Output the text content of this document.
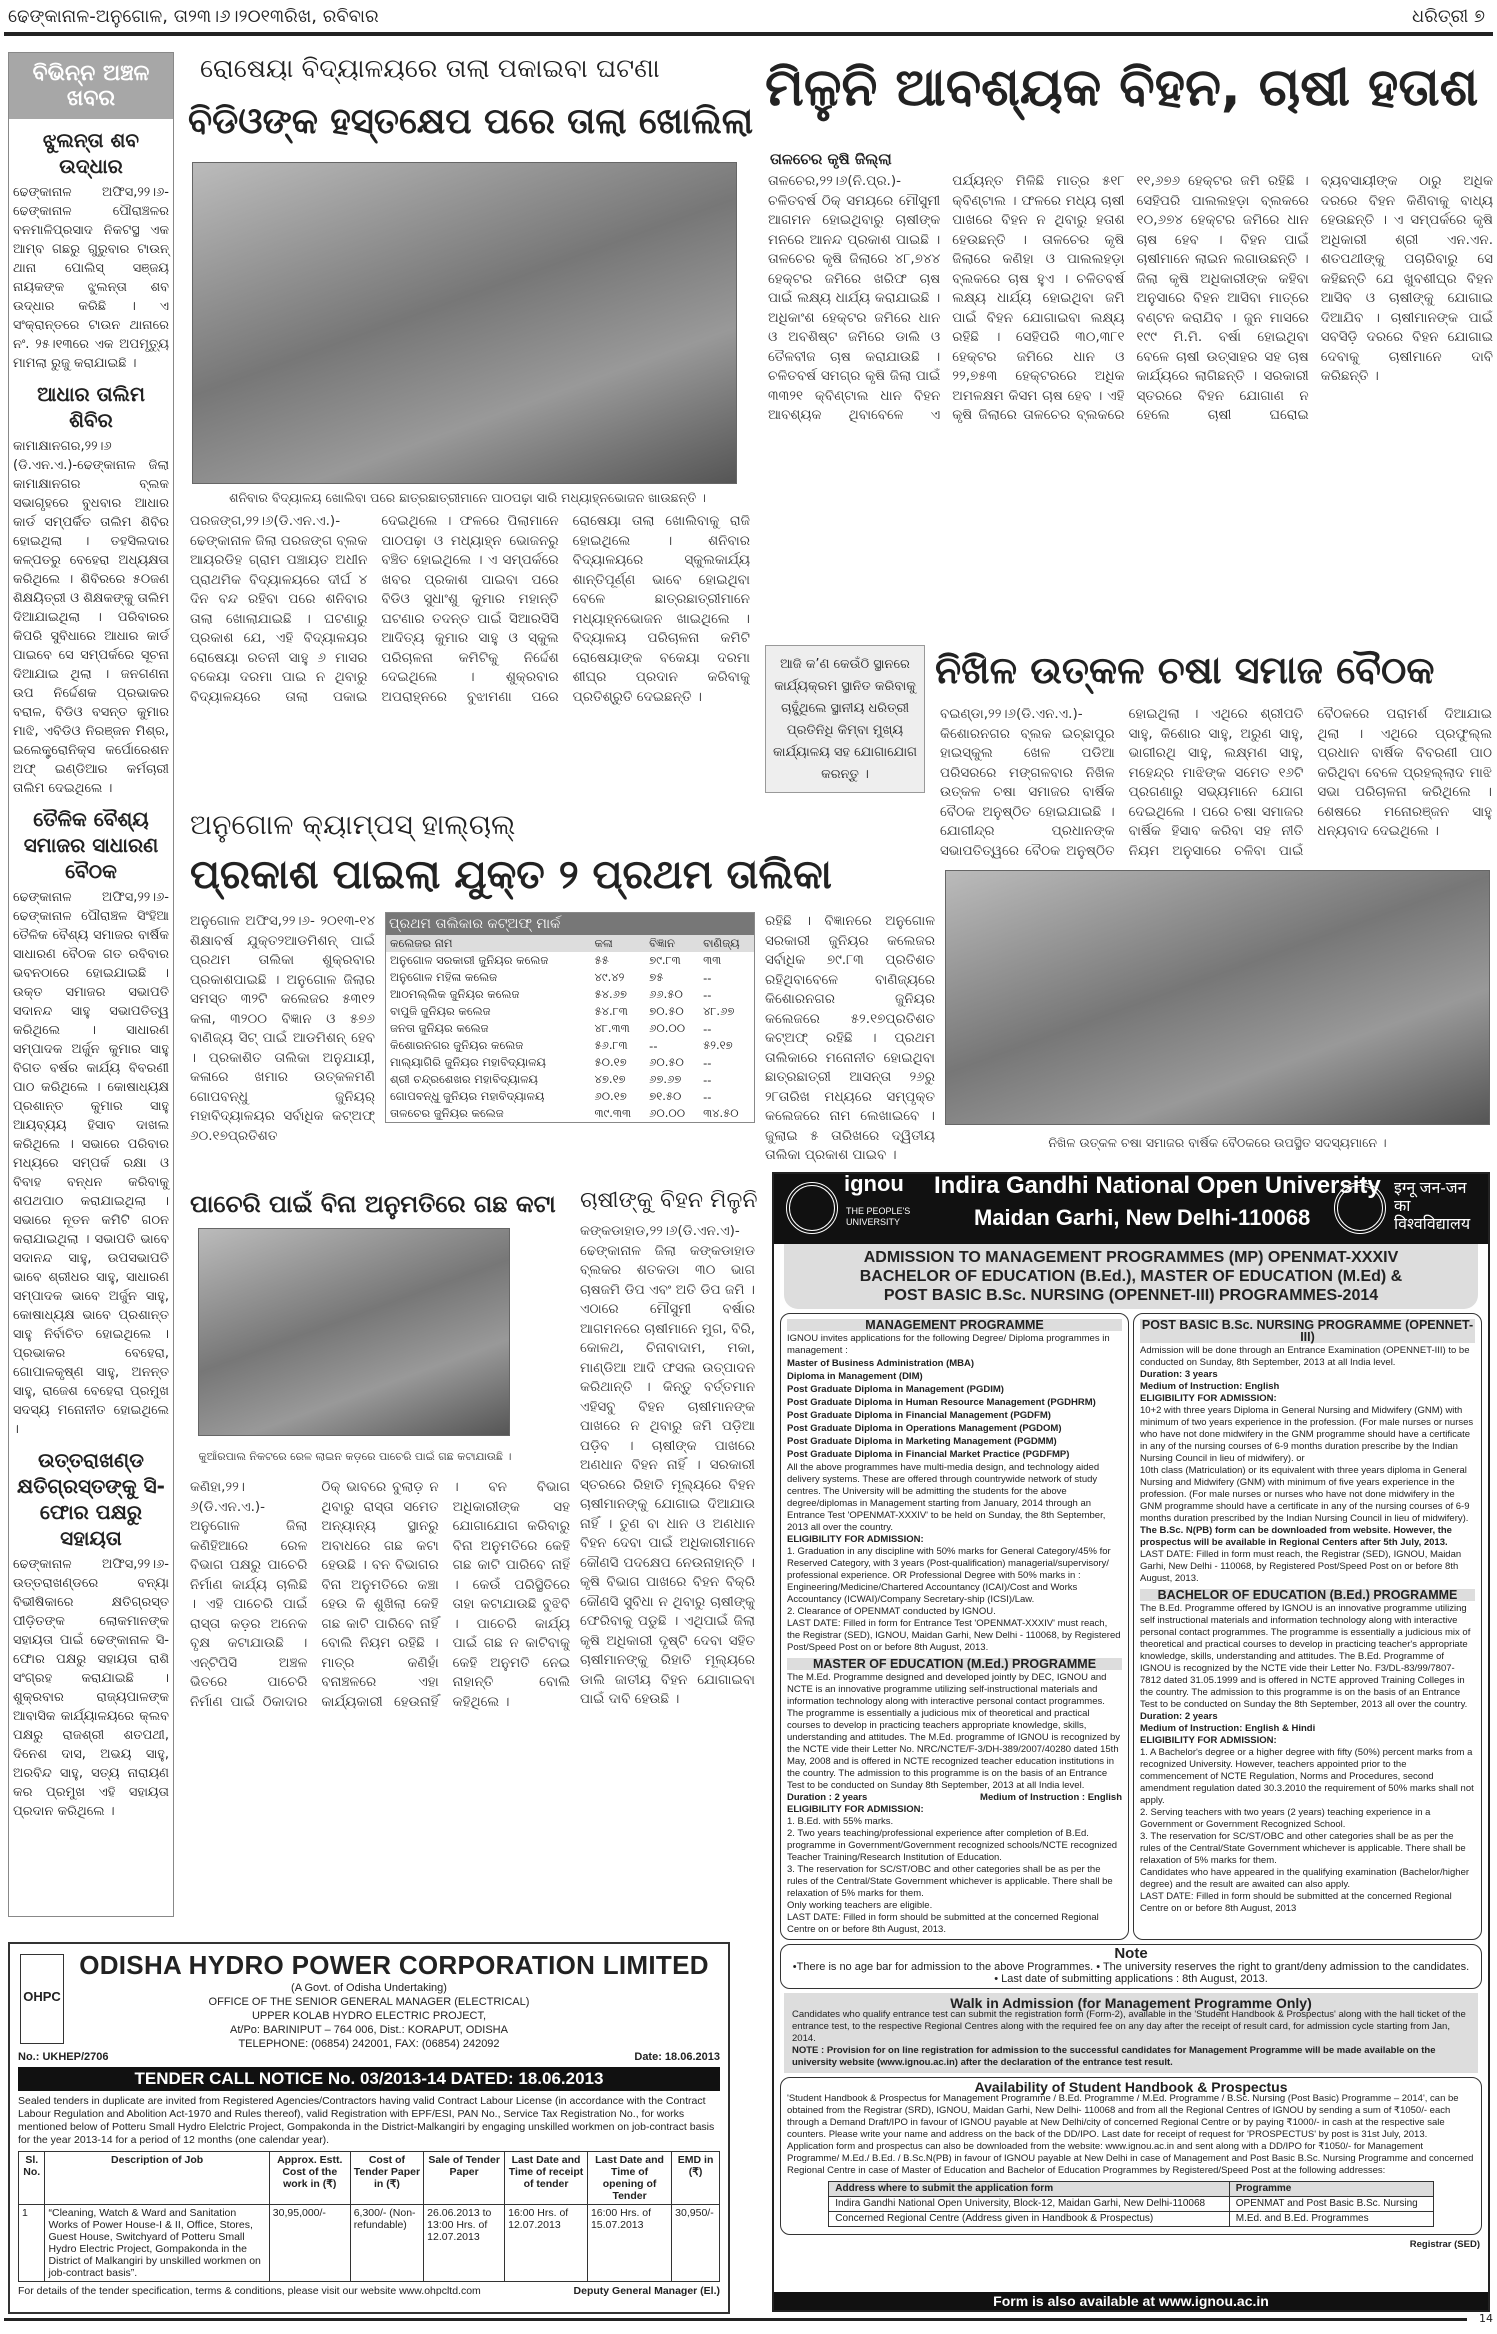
ଢେଙ୍କାନାଳ-ଅନୁଗୋଳ, ତା୨୩।୬।୨୦୧୩ରିଖ, ରବିବାର	ଧରିତ୍ରୀ ୭
ବିଭିନ୍ନ ଅଞ୍ଚଳ ଖବର
ଝୁଲନ୍ତା ଶବ ଉଦ୍ଧାର

ଢେଙ୍କାନାଳ ଅଫିସ,୨୨।୬- ଢେଙ୍କାନାଳ ପୌରାଞ୍ଚଳର ବନମାଳିପ୍ରସାଦ ନିକଟସ୍ଥ ଏକ ଆମ୍ବ ଗଛରୁ ଗୁରୁବାର ଟାଉନ୍ ଥାନା ପୋଲିସ୍ ସଞ୍ଜୟ ନାୟକଙ୍କ ଝୁଲନ୍ତା ଶବ ଉଦ୍ଧାର କରିଛି । ଏ ସଂକ୍ରାନ୍ତରେ ଟାଉନ ଥାନାରେ ନଂ. ୨୫।୧୩ରେ ଏକ ଅପମୃତ୍ୟୁ ମାମଲା ରୁଜୁ କରାଯାଇଛି ।

ଆଧାର ତାଲିମ ଶିବିର

କାମାକ୍ଷାନଗର,୨୨।୬ (ଡି.ଏନ.ଏ.)-ଢେଙ୍କାନାଳ ଜିଲା କାମାକ୍ଷାନଗର ବ୍ଲକ ସଭାଗୃହରେ ବୁଧବାର ଆଧାର କାର୍ଡ ସମ୍ପର୍କିତ ତାଲିମ ଶିବିର ହୋଇଥିଲା । ତହସିଲଦାର କଳ୍ପତରୁ ବେହେରା ଅଧ୍ୟକ୍ଷତା କରିଥିଲେ । ଶିବିରରେ ୫୦ଜଣ ଶିକ୍ଷୟିତ୍ରୀ ଓ ଶିକ୍ଷକଙ୍କୁ ତାଲିମ ଦିଆଯାଇଥିଲା । ପରିବାରର କିପରି ସୁବିଧାରେ ଆଧାର କାର୍ଡ ପାଇବେ ସେ ସମ୍ପର୍କରେ ସୂଚନା ଦିଆଯାଇ ଥିଲା । ଜନଗଣନା ଉପ ନିର୍ଦ୍ଦେଶକ ପ୍ରଭାକର ବରାଳ, ବିଡିଓ ବସନ୍ତ କୁମାର ମାଝି, ଏବିଡିଓ ନିରଞ୍ଜନ ମିଶ୍ର, ଇଲେକ୍ଟ୍ରୋନିକ୍ସ କର୍ପୋରେଶନ ଅଫ୍ ଇଣ୍ଡିଆର କର୍ମଚାରୀ ତାଲିମ ଦେଇଥିଲେ ।

ତୈଳିକ ବୈଶ୍ୟ ସମାଜର ସାଧାରଣ ବୈଠକ

ଢେଙ୍କାନାଳ ଅଫିସ,୨୨।୬- ଢେଙ୍କାନାଳ ପୌରାଞ୍ଚଳ ସିଂହିଆ ତୈଳିକ ବୈଶ୍ୟ ସମାଜର ବାର୍ଷିକ ସାଧାରଣ ବୈଠକ ଗତ ରବିବାର ଭବନଠାରେ ହୋଇଯାଇଛି । ଉକ୍ତ ସମାଜର ସଭାପତି ସଦାନନ୍ଦ ସାହୁ ସଭାପତିତ୍ୱ କରିଥିଲେ । ସାଧାରଣ ସମ୍ପାଦକ ଅର୍ଜୁନ କୁମାର ସାହୁ ବିଗତ ବର୍ଷର କାର୍ଯ୍ୟ ବିବରଣୀ ପାଠ କରିଥିଲେ । କୋଷାଧ୍ୟକ୍ଷ ପ୍ରଶାନ୍ତ କୁମାର ସାହୁ ଆୟବ୍ୟୟ ହିସାବ ଦାଖଲ କରିଥିଲେ । ସଭାରେ ପରିବାର ମଧ୍ୟରେ ସମ୍ପର୍କ ରକ୍ଷା ଓ ବିବାହ ବନ୍ଧନ କରିବାକୁ ଶପଥପାଠ କରାଯାଇଥିଲା । ସଭାରେ ନୂତନ କମିଟି ଗଠନ କରାଯାଇଥିଲା । ସଭାପତି ଭାବେ ସଦାନନ୍ଦ ସାହୁ, ଉପସଭାପତି ଭାବେ ଶ୍ରୀଧର ସାହୁ, ସାଧାରଣ ସମ୍ପାଦକ ଭାବେ ଅର୍ଜୁନ ସାହୁ, କୋଷାଧ୍ୟକ୍ଷ ଭାବେ ପ୍ରଶାନ୍ତ ସାହୁ ନିର୍ବାଚିତ ହୋଇଥିଲେ । ପ୍ରଭାକର ବେହେରା, ଗୋପାଳକୃଷ୍ଣ ସାହୁ, ଅନନ୍ତ ସାହୁ, ରାଜେଶ ବେହେରା ପ୍ରମୁଖ ସଦସ୍ୟ ମନୋନୀତ ହୋଇଥିଲେ ।

ଉତ୍ତରାଖଣ୍ଡ କ୍ଷତିଗ୍ରସ୍ତଙ୍କୁ ସି-ଫୋର ପକ୍ଷରୁ ସହାୟତା

ଢେଙ୍କାନାଳ ଅଫିସ,୨୨।୬- ଉତ୍ତରାଖଣ୍ଡରେ ବନ୍ୟା ବିଭୀଷିକାରେ କ୍ଷତିଗ୍ରସ୍ତ ପୀଡ଼ିତଙ୍କ ଲୋକମାନଙ୍କ ସହାୟତା ପାଇଁ ଢେଙ୍କାନାଳ ସି-ଫୋର ପକ୍ଷରୁ ସହାୟତା ରାଶି ସଂଗ୍ରହ କରାଯାଇଛି । ଶୁକ୍ରବାର ରାଜ୍ୟପାଳଙ୍କ ଆବାସିକ କାର୍ଯ୍ୟାଳୟରେ କ୍ଲବ ପକ୍ଷରୁ ରାଜଶ୍ରୀ ଶତପଥୀ, ଦିନେଶ ଦାସ, ଅଭୟ ସାହୁ, ଅରବିନ୍ଦ ସାହୁ, ସତ୍ୟ ନାରାୟଣ କର ପ୍ରମୁଖ ଏହି ସହାୟତା ପ୍ରଦାନ କରିଥିଲେ ।

ରୋଷେୟା ବିଦ୍ୟାଳୟରେ ତାଲା ପକାଇବା ଘଟଣା
ବିଡିଓଙ୍କ ହସ୍ତକ୍ଷେପ ପରେ ତାଲା ଖୋଲିଲା
ଶନିବାର ବିଦ୍ୟାଳୟ ଖୋଲିବା ପରେ ଛାତ୍ରଛାତ୍ରୀମାନେ ପାଠପଢ଼ା ସାରି ମଧ୍ୟାହ୍ନଭୋଜନ ଖାଉଛନ୍ତି ।
ପରଜଙ୍ଗ,୨୨।୬(ଡି.ଏନ.ଏ.)- ଢେଙ୍କାନାଳ ଜିଲା ପରଜଙ୍ଗ ବ୍ଲକ ଆୟରଡିହ ଗ୍ରାମ ପଞ୍ଚାୟତ ଅଧୀନ ପ୍ରାଥମିକ ବିଦ୍ୟାଳୟରେ ଦୀର୍ଘ ୪ ଦିନ ବନ୍ଦ ରହିବା ପରେ ଶନିବାର ତାଲା ଖୋଲାଯାଇଛି । ଘଟଣାରୁ ପ୍ରକାଶ ଯେ, ଏହି ବିଦ୍ୟାଳୟର ରୋଷେୟା ରତନୀ ସାହୁ ୬ ମାସର ବକେୟା ଦରମା ପାଇ ନ ଥିବାରୁ ବିଦ୍ୟାଳୟରେ ତାଲା ପକାଇ ଦେଇଥିଲେ । ଫଳରେ ପିଲାମାନେ ପାଠପଢ଼ା ଓ ମଧ୍ୟାହ୍ନ ଭୋଜନରୁ ବଞ୍ଚିତ ହୋଇଥିଲେ । ଏ ସମ୍ପର୍କରେ ଖବର ପ୍ରକାଶ ପାଇବା ପରେ ବିଡିଓ ସୁଧାଂଶୁ କୁମାର ମହାନ୍ତି ଘଟଣାର ତଦନ୍ତ ପାଇଁ ସିଆରସିସି ଆଦିତ୍ୟ କୁମାର ସାହୁ ଓ ସ୍କୁଲ ପରିଚାଳନା କମିଟିକୁ ନିର୍ଦ୍ଦେଶ ଦେଇଥିଲେ । ଶୁକ୍ରବାର ଅପରାହ୍ନରେ ବୁଝାମଣା ପରେ ରୋଷେୟା ତାଲା ଖୋଲିବାକୁ ରାଜି ହୋଇଥିଲେ । ଶନିବାର ବିଦ୍ୟାଳୟରେ ସ୍କୁଲକାର୍ଯ୍ୟ ଶାନ୍ତିପୂର୍ଣ୍ଣ ଭାବେ ହୋଇଥିବା ବେଳେ ଛାତ୍ରଛାତ୍ରୀମାନେ ମଧ୍ୟାହ୍ନଭୋଜନ ଖାଇଥିଲେ । ବିଦ୍ୟାଳୟ ପରିଚାଳନା କମିଟି ରୋଷେୟାଙ୍କ ବକେୟା ଦରମା ଶୀଘ୍ର ପ୍ରଦାନ କରିବାକୁ ପ୍ରତିଶ୍ରୁତି ଦେଇଛନ୍ତି ।
ଅନୁଗୋଳ କ୍ୟାମ୍ପସ୍ ହାଲ୍‌ଚାଲ୍
ପ୍ରକାଶ ପାଇଲା ଯୁକ୍ତ ୨ ପ୍ରଥମ ତାଲିକା
ଅନୁଗୋଳ ଅଫିସ,୨୨।୬- ୨୦୧୩-୧୪ ଶିକ୍ଷାବର୍ଷ ଯୁକ୍ତ୨ଆଡମିଶନ୍ ପାଇଁ ପ୍ରଥମ ତାଲିକା ଶୁକ୍ରବାର ପ୍ରକାଶପାଇଛି । ଅନୁଗୋଳ ଜିଲାର ସମସ୍ତ ୩୨ଟି କଲେଜର ୫୩୧୨ କଳା, ୩୨୦୦ ବିଜ୍ଞାନ ଓ ୫୭୬ ବାଣିଜ୍ୟ ସିଟ୍ ପାଇଁ ଆଡମିଶନ୍ ହେବ । ପ୍ରକାଶିତ ତାଲିକା ଅନୁଯାୟୀ, କଳାରେ ଖମାର ଉତ୍କଳମଣି ଗୋପବନ୍ଧୁ ଜୁନିୟର୍ ମହାବିଦ୍ୟାଳୟର ସର୍ବାଧିକ କଟ୍‌ଅଫ୍ ୬୦.୧୭ପ୍ରତିଶତ
ପ୍ରଥମ ତାଲିକାର କଟ୍‌ଅଫ୍ ମାର୍କ			
କଲେଜର ନାମ	କଳା	ବିଜ୍ଞାନ	ବାଣିଜ୍ୟ
ଅନୁଗୋଳ ସରକାରୀ ଜୁନିୟର କଲେଜ	୫୫	୭୯.୮୩	୩୩
ଅନୁଗୋଳ ମହିଳା କଲେଜ	୪୯.୪୨	୭୫	--
ଆଠମଲ୍ଲିକ ଜୁନିୟର କଲେଜ	୫୪.୬୭	୬୬.୫୦	--
ବାପୁଜି ଜୁନିୟର କଲେଜ	୫୪.୮୩	୭୦.୫୦	୪୮.୬୭
ଜନତା ଜୁନିୟର କଲେଜ	୪୮.୩୩	୬୦.୦୦	--
କିଶୋରନଗର ଜୁନିୟର କଲେଜ	୫୬.୮୩	--	୫୨.୧୭
ମାଲ୍ୟାଗିରି ଜୁନିୟର ମହାବିଦ୍ୟାଳୟ	୫୦.୧୭	୬୦.୫୦	--
ଶ୍ରୀ ଚନ୍ଦ୍ରଶେଖର ମହାବିଦ୍ୟାଳୟ	୪୭.୧୭	୬୭.୬୭	--
ଗୋପବନ୍ଧୁ ଜୁନିୟର ମହାବିଦ୍ୟାଳୟ	୬୦.୧୭	୭୧.୫୦	--
ତାଳଚେର ଜୁନିୟର କଲେଜ	୩୯.୩୩	୬୦.୦୦	୩୪.୫୦
ରହିଛି । ବିଜ୍ଞାନରେ ଅନୁଗୋଳ ସରକାରୀ ଜୁନିୟର କଲେଜର ସର୍ବାଧିକ ୭୯.୮୩ ପ୍ରତିଶତ ରହିଥିବାବେଳେ ବାଣିଜ୍ୟରେ କିଶୋରନଗର ଜୁନିୟର କଲେଜରେ ୫୨.୧୭ପ୍ରତିଶତ କଟ୍‌ଅଫ୍ ରହିଛି । ପ୍ରଥମ ତାଲିକାରେ ମନୋନୀତ ହୋଇଥିବା ଛାତ୍ରଛାତ୍ରୀ ଆସନ୍ତା ୨୬ରୁ ୨୮ତାରିଖ ମଧ୍ୟରେ ସମ୍ପୃକ୍ତ କଲେଜରେ ନାମ ଲେଖାଇବେ । ଜୁଲାଇ ୫ ତାରିଖରେ ଦ୍ୱିତୀୟ ତାଲିକା ପ୍ରକାଶ ପାଇବ ।
ପାଚେରି ପାଇଁ ବିନା ଅନୁମତିରେ ଗଛ କଟା
କୁଆଁରପାଲ ନିକଟରେ ରେଳ ଲାଇନ କଡ଼ରେ ପାଚେରି ପାଇଁ ଗଛ କଟାଯାଉଛି ।
କଣିହା,୨୨।୬(ଡି.ଏନ.ଏ.)- ଅନୁଗୋଳ ଜିଲା କଣିହିଆରେ ରେଳ ବିଭାଗ ପକ୍ଷରୁ ପାଚେରି ନିର୍ମାଣ କାର୍ଯ୍ୟ ଚାଲିଛି । ଏହି ପାଚେରି ପାଇଁ ରାସ୍ତା କଡ଼ର ଅନେକ ବୃକ୍ଷ କଟାଯାଉଛି । ଏନ୍‌ଟିପିସି ଅଞ୍ଚଳ ଭିତରେ ପାଚେରି ନିର୍ମାଣ ପାଇଁ ଠିକାଦାର ଠିକ୍ ଭାବରେ ବୁଲାଡ଼ ନ ଥିବାରୁ ରାସ୍ତା ସମେତ ଅନ୍ୟାନ୍ୟ ସ୍ଥାନରୁ ଅବାଧରେ ଗଛ କଟା ହେଉଛି । ବନ ବିଭାଗର ବିନା ଅନୁମତିରେ କଞ୍ଚା ହେଉ କି ଶୁଖିଲା କେହି ଗଛ କାଟି ପାରିବେ ନାହିଁ ବୋଲି ନିୟମ ରହିଛି । ମାତ୍ର କଣିହାଁ ବନାଞ୍ଚଳରେ ଏହା କାର୍ଯ୍ୟକାରୀ ହେଉନାହିଁ । ବନ ବିଭାଗ ଅଧିକାରୀଙ୍କ ସହ ଯୋଗାଯୋଗ କରିବାରୁ ବିନା ଅନୁମତିରେ କେହି ଗଛ କାଟି ପାରିବେ ନାହିଁ । କେଉଁ ପରିସ୍ଥିତିରେ ତାହା କଟାଯାଉଛି ବୁଝିବି । ପାଚେରି କାର୍ଯ୍ୟ ପାଇଁ ଗଛ ନ କାଟିବାକୁ କେହି ଅନୁମତି ନେଇ ନାହାନ୍ତି ବୋଲି କହିଥିଲେ ।
ଚାଷୀଙ୍କୁ ବିହନ ମିଳୁନି
କଙ୍କଡାହାଡ,୨୨।୬(ଡି.ଏନ.ଏ)- ଢେଙ୍କାନାଳ ଜିଲା କଙ୍କଡାହାଡ ବ୍ଲକର ଶତକଡା ୩୦ ଭାଗ ଚାଷଜମି ଡିପ ଏବଂ ଅତି ଡିପ ଜମି । ଏଠାରେ ମୌସୁମୀ ବର୍ଷାର ଆଗମନରେ ଚାଷୀମାନେ ମୁଗ, ବିରି, କୋଳଥ, ଚିନାବାଦାମ, ମକା, ମାଣ୍ଡିଆ ଆଦି ଫସଲ ଉତ୍ପାଦନ କରିଥାନ୍ତି । କିନ୍ତୁ ବର୍ତ୍ତମାନ ଏହିସବୁ ବିହନ ଚାଷୀମାନଙ୍କ ପାଖରେ ନ ଥିବାରୁ ଜମି ପଡ଼ିଆ ପଡ଼ିବ । ଚାଷୀଙ୍କ ପାଖରେ ଅଣଧାନ ବିହନ ନାହିଁ । ସରକାରୀ ସ୍ତରରେ ରିହାତି ମୂଲ୍ୟରେ ବିହନ ଚାଷୀମାନଙ୍କୁ ଯୋଗାଇ ଦିଆଯାଉ ନାହିଁ । ତୁଣ ବା ଧାନ ଓ ଅଣଧାନ ବିହନ ଦେବା ପାଇଁ ଅଧିକାରୀମାନେ କୌଣସି ପଦକ୍ଷେପ ନେଉନାହାନ୍ତି । କୃଷି ବିଭାଗ ପାଖରେ ବିହନ ବିକ୍ରି କୌଣସି ସୁବିଧା ନ ଥିବାରୁ ଚାଷୀଙ୍କୁ ଫେରିବାକୁ ପଡୁଛି । ଏଥିପାଇଁ ଜିଲା କୃଷି ଅଧିକାରୀ ଦୃଷ୍ଟି ଦେବା ସହିତ ଚାଷୀମାନଙ୍କୁ ରିହାତି ମୂଲ୍ୟରେ ଡାଲି ଜାତୀୟ ବିହନ ଯୋଗାଇବା ପାଇଁ ଦାବି ହେଉଛି ।
ମିଳୁନି ଆବଶ୍ୟକ ବିହନ, ଚାଷୀ ହତାଶ
ତାଳଚେର କୃଷି ଜିଲ୍ଲା
ତାଳଚେର,୨୨।୬(ନି.ପ୍ର.)- ଚଳିତବର୍ଷ ଠିକ୍ ସମୟରେ ମୌସୁମୀ ଆଗମନ ହୋଇଥିବାରୁ ଚାଷୀଙ୍କ ମନରେ ଆନନ୍ଦ ପ୍ରକାଶ ପାଇଛି । ତାଳଚେର କୃଷି ଜିଲାରେ ୪୮,୭୪୪ ହେକ୍ଟର ଜମିରେ ଖରିଫ ଚାଷ ପାଇଁ ଲକ୍ଷ୍ୟ ଧାର୍ଯ୍ୟ କରାଯାଇଛି । ଅଧିକାଂଶ ହେକ୍ଟର ଜମିରେ ଧାନ ଓ ଅବଶିଷ୍ଟ ଜମିରେ ଡାଲି ଓ ତୈଳବୀଜ ଚାଷ କରାଯାଉଛି । ଚଳିତବର୍ଷ ସମଗ୍ର କୃଷି ଜିଲା ପାଇଁ ୩୩୨୧ କ୍ବିଣ୍ଟାଲ ଧାନ ବିହନ ଆବଶ୍ୟକ ଥିବାବେଳେ ଏ ପର୍ଯ୍ୟନ୍ତ ମିଳିଛି ମାତ୍ର ୫୧୮ କ୍ବିଣ୍ଟାଲ । ଫଳରେ ମଧ୍ୟ ଚାଷୀ ପାଖରେ ବିହନ ନ ଥିବାରୁ ହତାଶ ହେଉଛନ୍ତି । ତାଳଚେର କୃଷି ଜିଲାରେ କଣିହା ଓ ପାଲଲହଡ଼ା ବ୍ଲକରେ ଚାଷ ହୁଏ । ଚଳିତବର୍ଷ ଲକ୍ଷ୍ୟ ଧାର୍ଯ୍ୟ ହୋଇଥିବା ଜମି ପାଇଁ ବିହନ ଯୋଗାଇବା ଲକ୍ଷ୍ୟ ରହିଛି । ସେହିପରି ୩୦,୩୮୧ ହେକ୍ଟର ଜମିରେ ଧାନ ଓ ୨୨,୭୫୩ ହେକ୍ଟରରେ ଅଧିକ ଅମଳକ୍ଷମ କିସମ ଚାଷ ହେବ । ଏହି କୃଷି ଜିଲାରେ ତାଳଚେର ବ୍ଲକରେ ୧୧,୬୭୬ ହେକ୍ଟର ଜମି ରହିଛି । ସେହିପରି ପାଲଲହଡ଼ା ବ୍ଲକରେ ୧୦,୬୭୪ ହେକ୍ଟର ଜମିରେ ଧାନ ଚାଷ ହେବ । ବିହନ ପାଇଁ ଚାଷୀମାନେ ଲାଇନ ଲଗାଉଛନ୍ତି । ଜିଲା କୃଷି ଅଧିକାରୀଙ୍କ କହିବା ଅନୁସାରେ ବିହନ ଆସିବା ମାତ୍ରେ ବଣ୍ଟନ କରାଯିବ । ଜୁନ ମାସରେ ୧୯୯ ମି.ମି. ବର୍ଷା ହୋଇଥିବା ବେଳେ ଚାଷୀ ଉତ୍ସାହର ସହ ଚାଷ କାର୍ଯ୍ୟରେ ଲାଗିଛନ୍ତି । ସରକାରୀ ସ୍ତରରେ ବିହନ ଯୋଗାଣ ନ ହେଲେ ଚାଷୀ ଘରୋଇ ବ୍ୟବସାୟୀଙ୍କ ଠାରୁ ଅଧିକ ଦରରେ ବିହନ କିଣିବାକୁ ବାଧ୍ୟ ହେଉଛନ୍ତି । ଏ ସମ୍ପର୍କରେ କୃଷି ଅଧିକାରୀ ଶ୍ରୀ ଏନ.ଏନ. ଶତପଥୀଙ୍କୁ ପଚାରିବାରୁ ସେ କହିଛନ୍ତି ଯେ ଖୁବଶୀଘ୍ର ବିହନ ଆସିବ ଓ ଚାଷୀଙ୍କୁ ଯୋଗାଇ ଦିଆଯିବ । ଚାଷୀମାନଙ୍କ ପାଇଁ ସବସିଡ଼ି ଦରରେ ବିହନ ଯୋଗାଇ ଦେବାକୁ ଚାଷୀମାନେ ଦାବି କରିଛନ୍ତି ।
ଆଜି କ’ଣ କେଉଁଠି ସ୍ଥାନରେ କାର୍ଯ୍ୟକ୍ରମ ସ୍ଥାନିତ କରିବାକୁ ଚାହୁଁଥିଲେ ସ୍ଥାନୀୟ ଧରିତ୍ରୀ ପ୍ରତିନିଧି କିମ୍ବା ମୁଖ୍ୟ କାର୍ଯ୍ୟାଳୟ ସହ ଯୋଗାଯୋଗ କରନ୍ତୁ ।
ନିଖିଳ ଉତ୍କଳ ଚଷା ସମାଜ ବୈଠକ
ବଇଣ୍ଡା,୨୨।୬(ଡି.ଏନ.ଏ.)- କିଶୋରନଗର ବ୍ଲକ ଇଚ୍ଛାପୁର ହାଇସ୍କୁଲ ଖେଳ ପଡିଆ ପରିସରରେ ମଙ୍ଗଳବାର ନିଖିଳ ଉତ୍କଳ ଚଷା ସମାଜର ବାର୍ଷିକ ବୈଠକ ଅନୁଷ୍ଠିତ ହୋଇଯାଇଛି । ଯୋଗୀନ୍ଦ୍ର ପ୍ରଧାନଙ୍କ ସଭାପତିତ୍ୱରେ ବୈଠକ ଅନୁଷ୍ଠିତ ହୋଇଥିଲା । ଏଥିରେ ଶ୍ରୀପତି ସାହୁ, କିଶୋର ସାହୁ, ଅରୁଣ ସାହୁ, ଭାଗୀରଥି ସାହୁ, ଲକ୍ଷ୍ମଣ ସାହୁ, ମହେନ୍ଦ୍ର ମାଝିଙ୍କ ସମେତ ୧୬ଟି ପ୍ରଗଣାରୁ ସଭ୍ୟମାନେ ଯୋଗ ଦେଇଥିଲେ । ପରେ ଚଷା ସମାଜର ବାର୍ଷିକ ହିସାବ କରିବା ସହ ନୀତି ନିୟମ ଅନୁସାରେ ଚଳିବା ପାଇଁ ବୈଠକରେ ପରାମର୍ଶ ଦିଆଯାଇ ଥିଲା । ଏଥିରେ ପ୍ରଫୁଲ୍ଲ ପ୍ରଧାନ ବାର୍ଷିକ ବିବରଣୀ ପାଠ କରିଥିବା ବେଳେ ପ୍ରହଲ୍ଲାଦ ମାଝି ସଭା ପରିଚାଳନା କରିଥିଲେ । ଶେଷରେ ମନୋରଞ୍ଜନ ସାହୁ ଧନ୍ୟବାଦ ଦେଇଥିଲେ ।
ନିଖିଳ ଉତ୍କଳ ଚଷା ସମାଜର ବାର୍ଷିକ ବୈଠକରେ ଉପସ୍ଥିତ ସଦସ୍ୟମାନେ ।
OHPC
ODISHA HYDRO POWER CORPORATION LIMITED
(A Govt. of Odisha Undertaking)
OFFICE OF THE SENIOR GENERAL MANAGER (ELECTRICAL)
UPPER KOLAB HYDRO ELECTRIC PROJECT,
At/Po: BARINIPUT – 764 006, Dist.: KORAPUT, ODISHA
TELEPHONE: (06854) 242001, FAX: (06854) 242092
No.: UKHEP/2706	Date: 18.06.2013
TENDER CALL NOTICE No. 03/2013-14 DATED: 18.06.2013
Sealed tenders in duplicate are invited from Registered Agencies/Contractors having valid Contract Labour License (in accordance with the Contract Labour Regulation and Abolition Act-1970 and Rules thereof), valid Registration with EPF/ESI, PAN No., Service Tax Registration No., for works mentioned below of Potteru Small Hydro Elelctric Project, Gompakonda in the District-Malkangiri by engaging unskilled workmen on job-contract basis for the year 2013-14 for a period of 12 months (one calendar year).
Sl. No.	Description of Job	Approx. Estt. Cost of the work in (₹)	Cost of Tender Paper in (₹)	Sale of Tender Paper	Last Date and Time of receipt of tender	Last Date and Time of opening of Tender	EMD in (₹)
1	“Cleaning, Watch & Ward and Sanitation Works of Power House-I & II, Office, Stores, Guest House, Switchyard of Potteru Small Hydro Electric Project, Gompakonda in the District of Malkangiri by unskilled workmen on job-contract basis”.	30,95,000/-	6,300/- (Non-refundable)	26.06.2013 to 13:00 Hrs. of 12.07.2013	16:00 Hrs. of 12.07.2013	16:00 Hrs. of 15.07.2013	30,950/-
For details of the tender specification, terms & conditions, please visit our website www.ohpcltd.com	Deputy General Manager (El.)
ignou
THE PEOPLE'S UNIVERSITY
Indira Gandhi National Open University
Maidan Garhi, New Delhi-110068
इग्नू जन-जन का विश्वविद्यालय
ADMISSION TO MANAGEMENT PROGRAMMES (MP) OPENMAT-XXXIV
BACHELOR OF EDUCATION (B.Ed.), MASTER OF EDUCATION (M.Ed) &
POST BASIC B.Sc. NURSING (OPENNET-III) PROGRAMMES-2014
MANAGEMENT PROGRAMME
IGNOU invites applications for the following Degree/ Diploma programmes in management :
Master of Business Administration (MBA)
Diploma in Management (DIM)
Post Graduate Diploma in Management (PGDIM)
Post Graduate Diploma in Human Resource Management (PGDHRM)
Post Graduate Diploma in Financial Management (PGDFM)
Post Graduate Diploma in Operations Management (PGDOM)
Post Graduate Diploma in Marketing Management (PGDMM)
Post Graduate Diploma in Financial Market Practice (PGDFMP)
All the above programmes have multi-media design, and technology aided delivery systems. These are offered through countrywide network of study centres. The University will be admitting the students for the above degree/diplomas in Management starting from January, 2014 through an Entrance Test 'OPENMAT-XXXIV' to be held on Sunday, the 8th September, 2013 all over the country.
ELIGIBILITY FOR ADMISSION:
1. Graduation in any discipline with 50% marks for General Category/45% for Reserved Category, with 3 years (Post-qualification) managerial/supervisory/ professional experience. OR Professional Degree with 50% marks in : Engineering/Medicine/Chartered Accountancy (ICAI)/Cost and Works Accountancy (ICWAI)/Company Secretary-ship (ICSI)/Law.
2. Clearance of OPENMAT conducted by IGNOU.
LAST DATE: Filled in form for Entrance Test 'OPENMAT-XXXIV' must reach, the Registrar (SED), IGNOU, Maidan Garhi, New Delhi - 110068, by Registered Post/Speed Post on or before 8th August, 2013.
MASTER OF EDUCATION (M.Ed.) PROGRAMME
The M.Ed. Programme designed and developed jointly by DEC, IGNOU and NCTE is an innovative programme utilizing self-instructional materials and information technology along with interactive personal contact programmes. The programme is essentially a judicious mix of theoretical and practical courses to develop in practicing teachers appropriate knowledge, skills, understanding and attitudes. The M.Ed. programme of IGNOU is recognized by the NCTE vide their Letter No. NRC/NCTE/F-3/DH-389/2007/40280 dated 15th May, 2008 and is offered in NCTE recognized teacher education institutions in the country. The admission to this programme is on the basis of an Entrance Test to be conducted on Sunday 8th September, 2013 at all India level.
Duration : 2 years	Medium of Instruction : English
ELIGIBILITY FOR ADMISSION:
1. B.Ed. with 55% marks.
2. Two years teaching/professional experience after completion of B.Ed. programme in Government/Government recognized schools/NCTE recognized Teacher Training/Research Institution of Education.
3. The reservation for SC/ST/OBC and other categories shall be as per the rules of the Central/State Government whichever is applicable. There shall be relaxation of 5% marks for them.
Only working teachers are eligible.
LAST DATE: Filled in form should be submitted at the concerned Regional Centre on or before 8th August, 2013.
POST BASIC B.Sc. NURSING PROGRAMME (OPENNET-III)
Admission will be done through an Entrance Examination (OPENNET-III) to be conducted on Sunday, 8th September, 2013 at all India level.
Duration: 3 years
Medium of Instruction: English
ELIGIBILITY FOR ADMISSION:
10+2 with three years Diploma in General Nursing and Midwifery (GNM) with minimum of two years experience in the profession. (For male nurses or nurses who have not done midwifery in the GNM programme should have a certificate in any of the nursing courses of 6-9 months duration prescribe by the Indian Nursing Council in lieu of midwifery). or
10th class (Matriculation) or its equivalent with three years diploma in General Nursing and Midwifery (GNM) with minimum of five years experience in the profession. (For male nurses or nurses who have not done midwifery in the GNM programme should have a certificate in any of the nursing courses of 6-9 months duration prescribed by the Indian Nursing Council in lieu of midwifery).
The B.Sc. N(PB) form can be downloaded from website. However, the prospectus will be available in Regional Centers after 5th July, 2013.
LAST DATE: Filled in form must reach, the Registrar (SED), IGNOU, Maidan Garhi, New Delhi - 110068, by Registered Post/Speed Post on or before 8th August, 2013.
BACHELOR OF EDUCATION (B.Ed.) PROGRAMME
The B.Ed. Programme offered by IGNOU is an innovative programme utilizing self instructional materials and information technology along with interactive personal contact programmes. The programme is essentially a judicious mix of theoretical and practical courses to develop in practicing teacher's appropriate knowledge, skills, understanding and attitudes. The B.Ed. Programme of IGNOU is recognized by the NCTE vide their Letter No. F3/DL-83/99/7807-7812 dated 31.05.1999 and is offered in NCTE approved Training Colleges in the country. The admission to this programme is on the basis of an Entrance Test to be conducted on Sunday the 8th September, 2013 all over the country.
Duration: 2 years
Medium of Instruction: English & Hindi
ELIGIBILITY FOR ADMISSION:
1. A Bachelor's degree or a higher degree with fifty (50%) percent marks from a recognized University. However, teachers appointed prior to the commencement of NCTE Regulation, Norms and Procedures, second amendment regulation dated 30.3.2010 the requirement of 50% marks shall not apply.
2. Serving teachers with two years (2 years) teaching experience in a Government or Government Recognized School.
3. The reservation for SC/ST/OBC and other categories shall be as per the rules of the Central/State Government whichever is applicable. There shall be relaxation of 5% marks for them.
Candidates who have appeared in the qualifying examination (Bachelor/higher degree) and the result are awaited can also apply.
LAST DATE: Filled in form should be submitted at the concerned Regional Centre on or before 8th August, 2013
Note
•There is no age bar for admission to the above Programmes. • The university reserves the right to grant/deny admission to the candidates.
• Last date of submitting applications : 8th August, 2013.
Walk in Admission (for Management Programme Only)
Candidates who qualify entrance test can submit the registration form (Form-2), available in the 'Student Handbook & Prospectus' along with the hall ticket of the entrance test, to the respective Regional Centres along with the required fee on any day after the receipt of result card, for admission cycle starting from Jan, 2014.
NOTE : Provision for on line registration for admission to the successful candidates for Management Programme will be made available on the university website (www.ignou.ac.in) after the declaration of the entrance test result.
Availability of Student Handbook & Prospectus
'Student Handbook & Prospectus for Management Programme / B.Ed. Programme / M.Ed. Programme / B.Sc. Nursing (Post Basic) Programme – 2014', can be obtained from the Registrar (SRD), IGNOU, Maidan Garhi, New Delhi- 110068 and from all the Regional Centres of IGNOU by sending a sum of ₹1050/- each through a Demand Draft/IPO in favour of IGNOU payable at New Delhi/city of concerned Regional Centre or by paying ₹1000/- in cash at the respective sale counters. Please write your name and address on the back of the DD/IPO. Last date for receipt of request for 'PROSPECTUS' by post is 31st July, 2013.
Application form and prospectus can also be downloaded from the website: www.ignou.ac.in and sent along with a DD/IPO for ₹1050/- for Management Programme/ M.Ed./ B.Ed. / B.Sc.N(PB) in favour of IGNOU payable at New Delhi in case of Management and Post Basic B.Sc. Nursing Programme and concerned Regional Centre in case of Master of Education and Bachelor of Education Programmes by Registered/Speed Post at the following addresses:
Address where to submit the application form	Programme
Indira Gandhi National Open University, Block-12, Maidan Garhi, New Delhi-110068	OPENMAT and Post Basic B.Sc. Nursing
Concerned Regional Centre (Address given in Handbook & Prospectus)	M.Ed. and B.Ed. Programmes
Registrar (SED)
Form is also available at www.ignou.ac.in
14
